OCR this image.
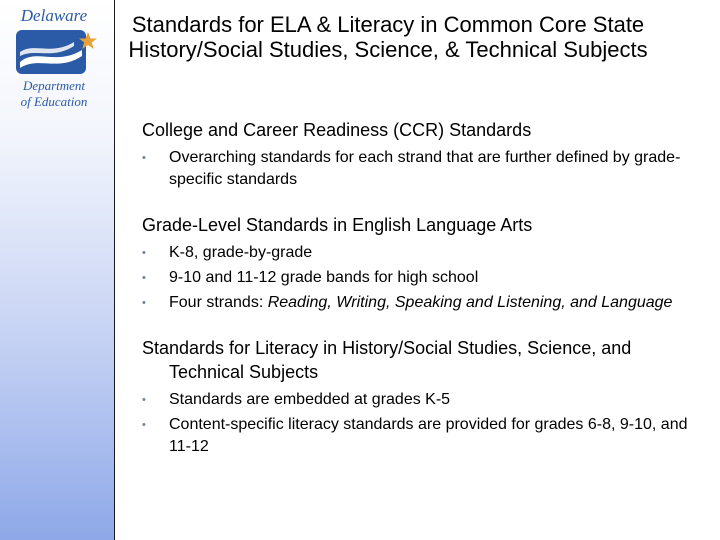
Delaware
Department
of Education
Standards for ELA & Literacy in Common Core State History/Social Studies, Science, & Technical Subjects

College and Career Readiness (CCR) Standards

• Overarching standards for each strand that are further defined by grade-specific standards

Grade-Level Standards in English Language Arts

• K-8, grade-by-grade
• 9-10 and 11-12 grade bands for high school
• Four strands: Reading, Writing, Speaking and Listening, and Language

Standards for Literacy in History/Social Studies, Science, and Technical Subjects

• Standards are embedded at grades K-5
• Content-specific literacy standards are provided for grades 6-8, 9-10, and 11-12
